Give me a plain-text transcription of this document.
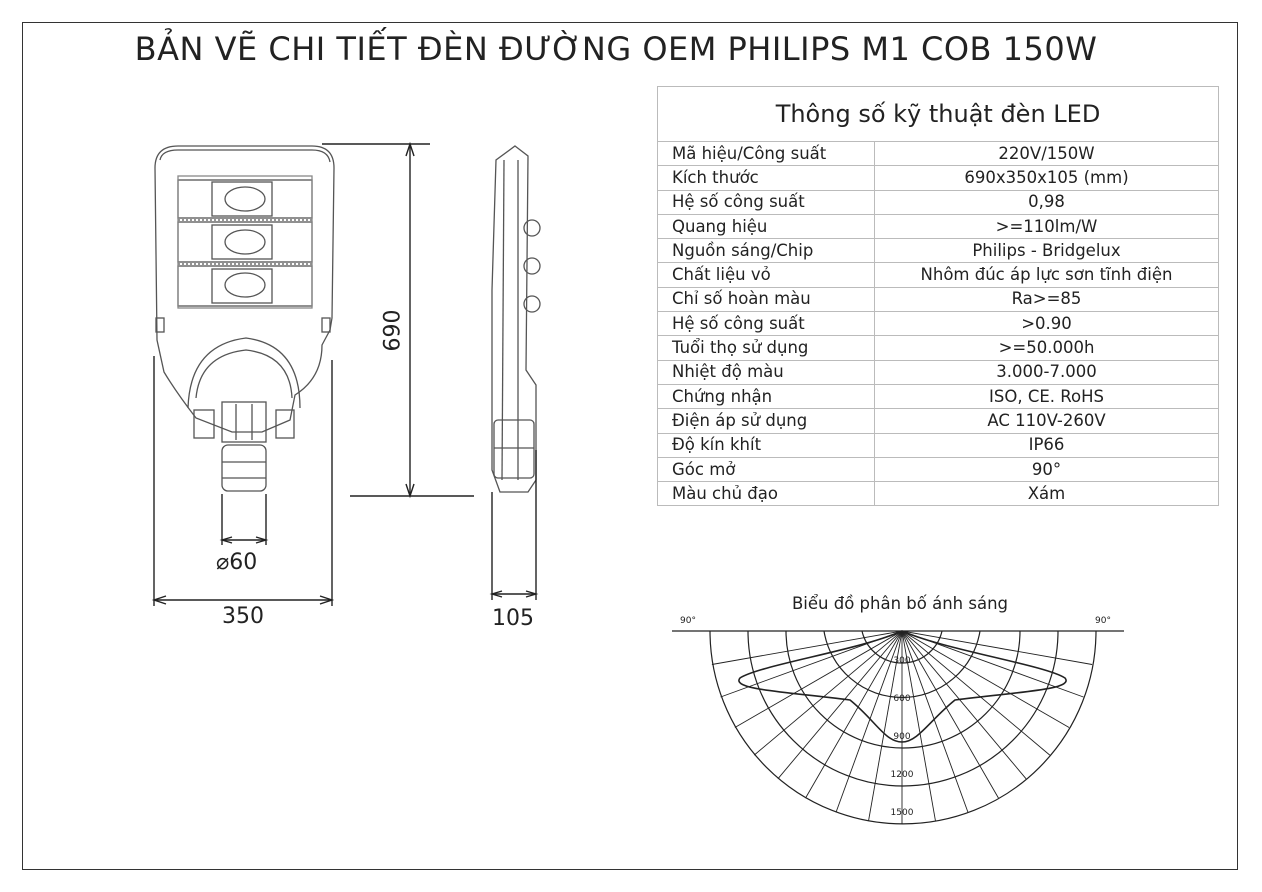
BẢN VẼ CHI TIẾT ĐÈN ĐƯỜNG OEM PHILIPS M1 COB 150W
Thông số kỹ thuật đèn LED	
Mã hiệu/Công suất	220V/150W
Kích thước	690x350x105 (mm)
Hệ số công suất	0,98
Quang hiệu	>=110lm/W
Nguồn sáng/Chip	Philips - Bridgelux
Chất liệu vỏ	Nhôm đúc áp lực sơn tĩnh điện
Chỉ số hoàn màu	Ra>=85
Hệ số công suất	>0.90
Tuổi thọ sử dụng	>=50.000h
Nhiệt độ màu	3.000-7.000
Chứng nhận	ISO, CE. RoHS
Điện áp sử dụng	AC 110V-260V
Độ kín khít	IP66
Góc mở	90°
Màu chủ đạo	Xám
690
350
⌀60
105
Biểu đồ phân bố ánh sáng
90°	90°
300
600
900
1200
1500
